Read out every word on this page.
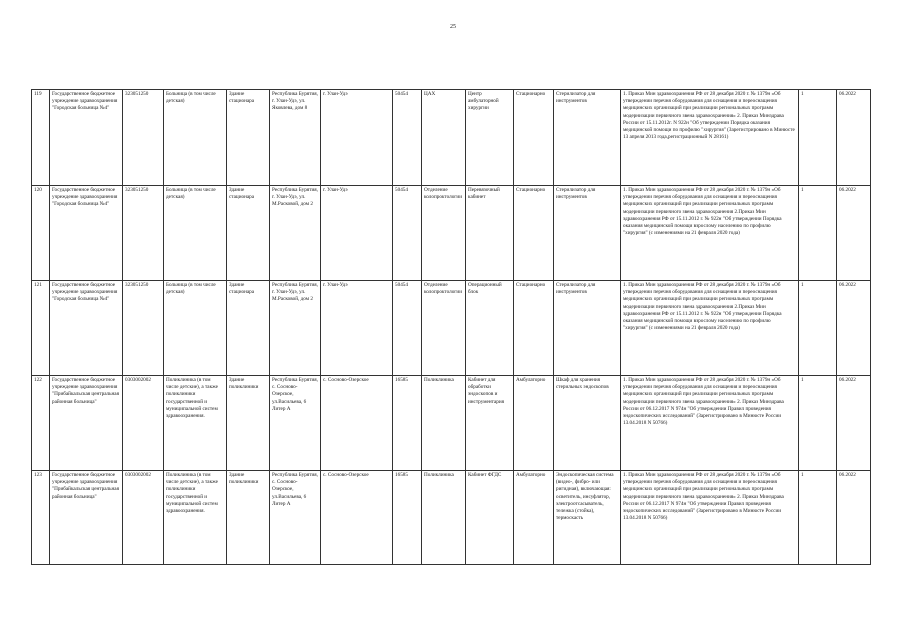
25
119	Государственное бюджетное учреждение здравоохранения "Городская больница №4"	323051250	Больница (в том числе детская)	Здание стационара	Республика Бурятия, г. Улан-Удэ, ул. Яковлева, дом 8	г. Улан-Удэ	50454	ЦАХ	Центр амбулаторной хирургии	Стационарно	Стерилизатор для инструментов	1. Приказ Мин здравоохранения РФ от 28 декабря 2020 г. № 1379н «Об утверждении перечня оборудования для оснащения и переоснащения медицинских организаций при реализации региональных программ модернизации первичного звена здравоохранения» 2. Приказ Минздрава России от 15.11.2012г. N 922н "Об утверждении Порядка оказания медицинской помощи по профилю "хирургия" (Зарегистрировано в Минюсте 13 апреля 2013 года,регистрационный N 28161)	1	06.2022
120	Государственное бюджетное учреждение здравоохранения "Городская больница №4"	323051250	Больница (в том числе детская)	Здание стационара	Республика Бурятия, г. Улан-Удэ, ул. М.Расковой, дом 2	г. Улан-Удэ	50454	Отделение колопроктологии	Перевязочный кабинет	Стационарно	Стерилизатор для инструментов	1. Приказ Мин здравоохранения РФ от 28 декабря 2020 г. № 1379н «Об утверждении перечня оборудования для оснащения и переоснащения медицинских организаций при реализации региональных программ модернизации первичного звена здравоохранения 2.Приказ Мин здравоохранения РФ от 15.11.2012 г. № 922н "Об утверждении Порядка оказания медицинской помощи взрослому населению по профилю "хирургия" (с изменениями на 21 февраля 2020 года)	1	06.2022
121	Государственное бюджетное учреждение здравоохранения "Городская больница №4"	323051250	Больница (в том числе детская)	Здание стационара	Республика Бурятия, г. Улан-Удэ, ул. М.Расковой, дом 2	г. Улан-Удэ	50454	Отделение колопроктологии	Операционный блок	Стационарно	Стерилизатор для инструментов	1. Приказ Мин здравоохранения РФ от 28 декабря 2020 г. № 1379н «Об утверждении перечня оборудования для оснащения и переоснащения медицинских организаций при реализации региональных программ модернизации первичного звена здравоохранения 2.Приказ Мин здравоохранения РФ от 15.11.2012 г. № 922н "Об утверждении Порядка оказания медицинской помощи взрослому населению по профилю "хирургия" (с изменениями на 21 февраля 2020 года)	1	06.2022
122	Государственное бюджетное учреждение здравоохранения "Прибайкальская центральная районная больница"	0303002002	Поликлиника (в том числе детские), а также поликлиники государственной и муниципальной систем здравоохранения.	Здание поликлиники	Республика Бурятия, с. Сосново-Озерское, ул.Васильева, 6 Литер А	с. Сосново-Озерское	16585	Поликлиника	Кабинет для обработки эндоскопов и инструментария	Амбулаторно	Шкаф для хранения стерильных эндоскопов	1. Приказ Мин здравоохранения РФ от 28 декабря 2020 г. № 1379н «Об утверждении перечня оборудования для оснащения и переоснащения медицинских организаций при реализации региональных программ модернизации первичного звена здравоохранения» 2. Приказ Минздрава России от 06.12.2017 N 974н "Об утверждении Правил проведения эндоскопических исследований" (Зарегистрировано в Минюсте России 13.04.2018 N 50766)	1	06.2022
123	Государственное бюджетное учреждение здравоохранения "Прибайкальская центральная районная больница"	0303002002	Поликлиника (в том числе детские), а также поликлиники государственной и муниципальной систем здравоохранения.	Здание поликлиники	Республика Бурятия, с. Сосново-Озерское, ул.Васильева, 6 Литер А	с. Сосново-Озерское	16585	Поликлиника	Кабинет ФГДС	Амбулаторно	Эндоскопическая система (видео-, фибро- или ригидная), включающая: осветитель, инсуфлятор, электроотсасыватель, тележка (стойка), термоскасть	1. Приказ Мин здравоохранения РФ от 28 декабря 2020 г. № 1379н «Об утверждении перечня оборудования для оснащения и переоснащения медицинских организаций при реализации региональных программ модернизации первичного звена здравоохранения» 2. Приказ Минздрава России от 06.12.2017 N 974н "Об утверждении Правил проведения эндоскопических исследований" (Зарегистрировано в Минюсте России 13.04.2018 N 50766)	1	06.2022
